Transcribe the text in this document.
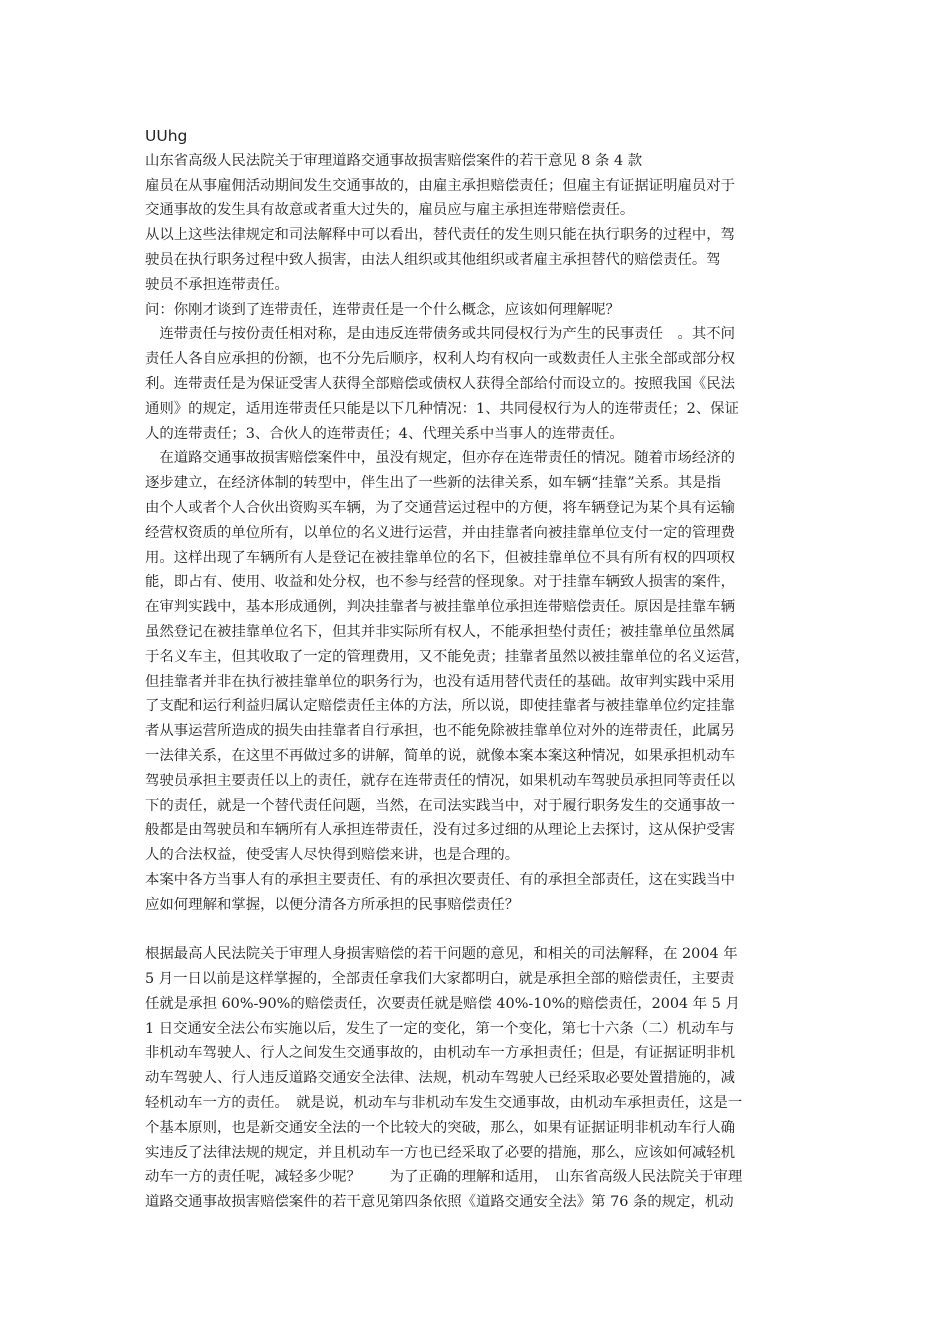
UUhg
山东省高级人民法院关于审理道路交通事故损害赔偿案件的若干意见 8 条 4 款
雇员在从事雇佣活动期间发生交通事故的，由雇主承担赔偿责任；但雇主有证据证明雇员对于
交通事故的发生具有故意或者重大过失的，雇员应与雇主承担连带赔偿责任。
从以上这些法律规定和司法解释中可以看出，替代责任的发生则只能在执行职务的过程中，驾
驶员在执行职务过程中致人损害，由法人组织或其他组织或者雇主承担替代的赔偿责任。驾
驶员不承担连带责任。
问：你刚才谈到了连带责任，连带责任是一个什么概念，应该如何理解呢？
　连带责任与按份责任相对称，是由违反连带债务或共同侵权行为产生的民事责任　。其不问
责任人各自应承担的份额，也不分先后顺序，权利人均有权向一或数责任人主张全部或部分权
利。连带责任是为保证受害人获得全部赔偿或债权人获得全部给付而设立的。按照我国《民法
通则》的规定，适用连带责任只能是以下几种情况：1、共同侵权行为人的连带责任；2、保证
人的连带责任；3、合伙人的连带责任；4、代理关系中当事人的连带责任。
　在道路交通事故损害赔偿案件中，虽没有规定，但亦存在连带责任的情况。随着市场经济的
逐步建立，在经济体制的转型中，伴生出了一些新的法律关系，如车辆“挂靠”关系。其是指
由个人或者个人合伙出资购买车辆，为了交通营运过程中的方便，将车辆登记为某个具有运输
经营权资质的单位所有，以单位的名义进行运营，并由挂靠者向被挂靠单位支付一定的管理费
用。这样出现了车辆所有人是登记在被挂靠单位的名下，但被挂靠单位不具有所有权的四项权
能，即占有、使用、收益和处分权，也不参与经营的怪现象。对于挂靠车辆致人损害的案件，
在审判实践中，基本形成通例，判决挂靠者与被挂靠单位承担连带赔偿责任。原因是挂靠车辆
虽然登记在被挂靠单位名下，但其并非实际所有权人，不能承担垫付责任；被挂靠单位虽然属
于名义车主，但其收取了一定的管理费用，又不能免责；挂靠者虽然以被挂靠单位的名义运营，
但挂靠者并非在执行被挂靠单位的职务行为，也没有适用替代责任的基础。故审判实践中采用
了支配和运行利益归属认定赔偿责任主体的方法，所以说，即使挂靠者与被挂靠单位约定挂靠
者从事运营所造成的损失由挂靠者自行承担，也不能免除被挂靠单位对外的连带责任，此属另
一法律关系，在这里不再做过多的讲解，简单的说，就像本案本案这种情况，如果承担机动车
驾驶员承担主要责任以上的责任，就存在连带责任的情况，如果机动车驾驶员承担同等责任以
下的责任，就是一个替代责任问题，当然，在司法实践当中，对于履行职务发生的交通事故一
般都是由驾驶员和车辆所有人承担连带责任，没有过多过细的从理论上去探讨，这从保护受害
人的合法权益，使受害人尽快得到赔偿来讲，也是合理的。
本案中各方当事人有的承担主要责任、有的承担次要责任、有的承担全部责任，这在实践当中
应如何理解和掌握，以便分清各方所承担的民事赔偿责任？
根据最高人民法院关于审理人身损害赔偿的若干问题的意见，和相关的司法解释，在 2004 年
5 月一日以前是这样掌握的，全部责任拿我们大家都明白，就是承担全部的赔偿责任，主要责
任就是承担 60%-90%的赔偿责任，次要责任就是赔偿 40%-10%的赔偿责任，2004 年 5 月
1 日交通安全法公布实施以后，发生了一定的变化，第一个变化，第七十六条（二）机动车与
非机动车驾驶人、行人之间发生交通事故的，由机动车一方承担责任；但是，有证据证明非机
动车驾驶人、行人违反道路交通安全法律、法规，机动车驾驶人已经采取必要处置措施的，减
轻机动车一方的责任。　就是说，机动车与非机动车发生交通事故，由机动车承担责任，这是一
个基本原则，也是新交通安全法的一个比较大的突破，那么，如果有证据证明非机动车行人确
实违反了法律法规的规定，并且机动车一方也已经采取了必要的措施，那么，应该如何减轻机
动车一方的责任呢，减轻多少呢？　　为了正确的理解和适用，　山东省高级人民法院关于审理
道路交通事故损害赔偿案件的若干意见第四条依照《道路交通安全法》第 76 条的规定，机动
